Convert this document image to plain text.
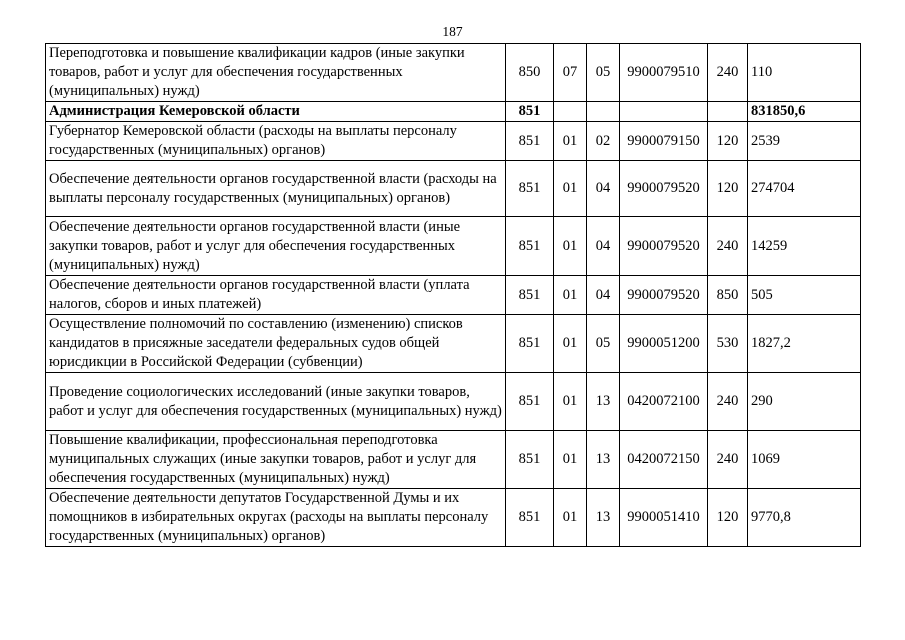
187
Переподготовка и повышение квалификации кадров (иные закупки товаров, работ и услуг для обеспечения государственных (муниципальных) нужд)	850	07	05	9900079510	240	110
Администрация Кемеровской области	851					831850,6
Губернатор Кемеровской области (расходы на выплаты персоналу государственных (муниципальных) органов)	851	01	02	9900079150	120	2539
Обеспечение деятельности органов государственной власти (расходы на выплаты персоналу государственных (муниципальных) органов)	851	01	04	9900079520	120	274704
Обеспечение деятельности органов государственной власти (иные закупки товаров, работ и услуг для обеспечения государственных (муниципальных) нужд)	851	01	04	9900079520	240	14259
Обеспечение деятельности органов государственной власти (уплата налогов, сборов и иных платежей)	851	01	04	9900079520	850	505
Осуществление полномочий по составлению (изменению) списков кандидатов в присяжные заседатели федеральных судов общей юрисдикции в Российской Федерации (субвенции)	851	01	05	9900051200	530	1827,2
Проведение социологических исследований (иные закупки товаров, работ и услуг для обеспечения государственных (муниципальных) нужд)	851	01	13	0420072100	240	290
Повышение квалификации, профессиональная переподготовка муниципальных служащих (иные закупки товаров, работ и услуг для обеспечения государственных (муниципальных) нужд)	851	01	13	0420072150	240	1069
Обеспечение деятельности депутатов Государственной Думы и их помощников в избирательных округах (расходы на выплаты персоналу государственных (муниципальных) органов)	851	01	13	9900051410	120	9770,8
